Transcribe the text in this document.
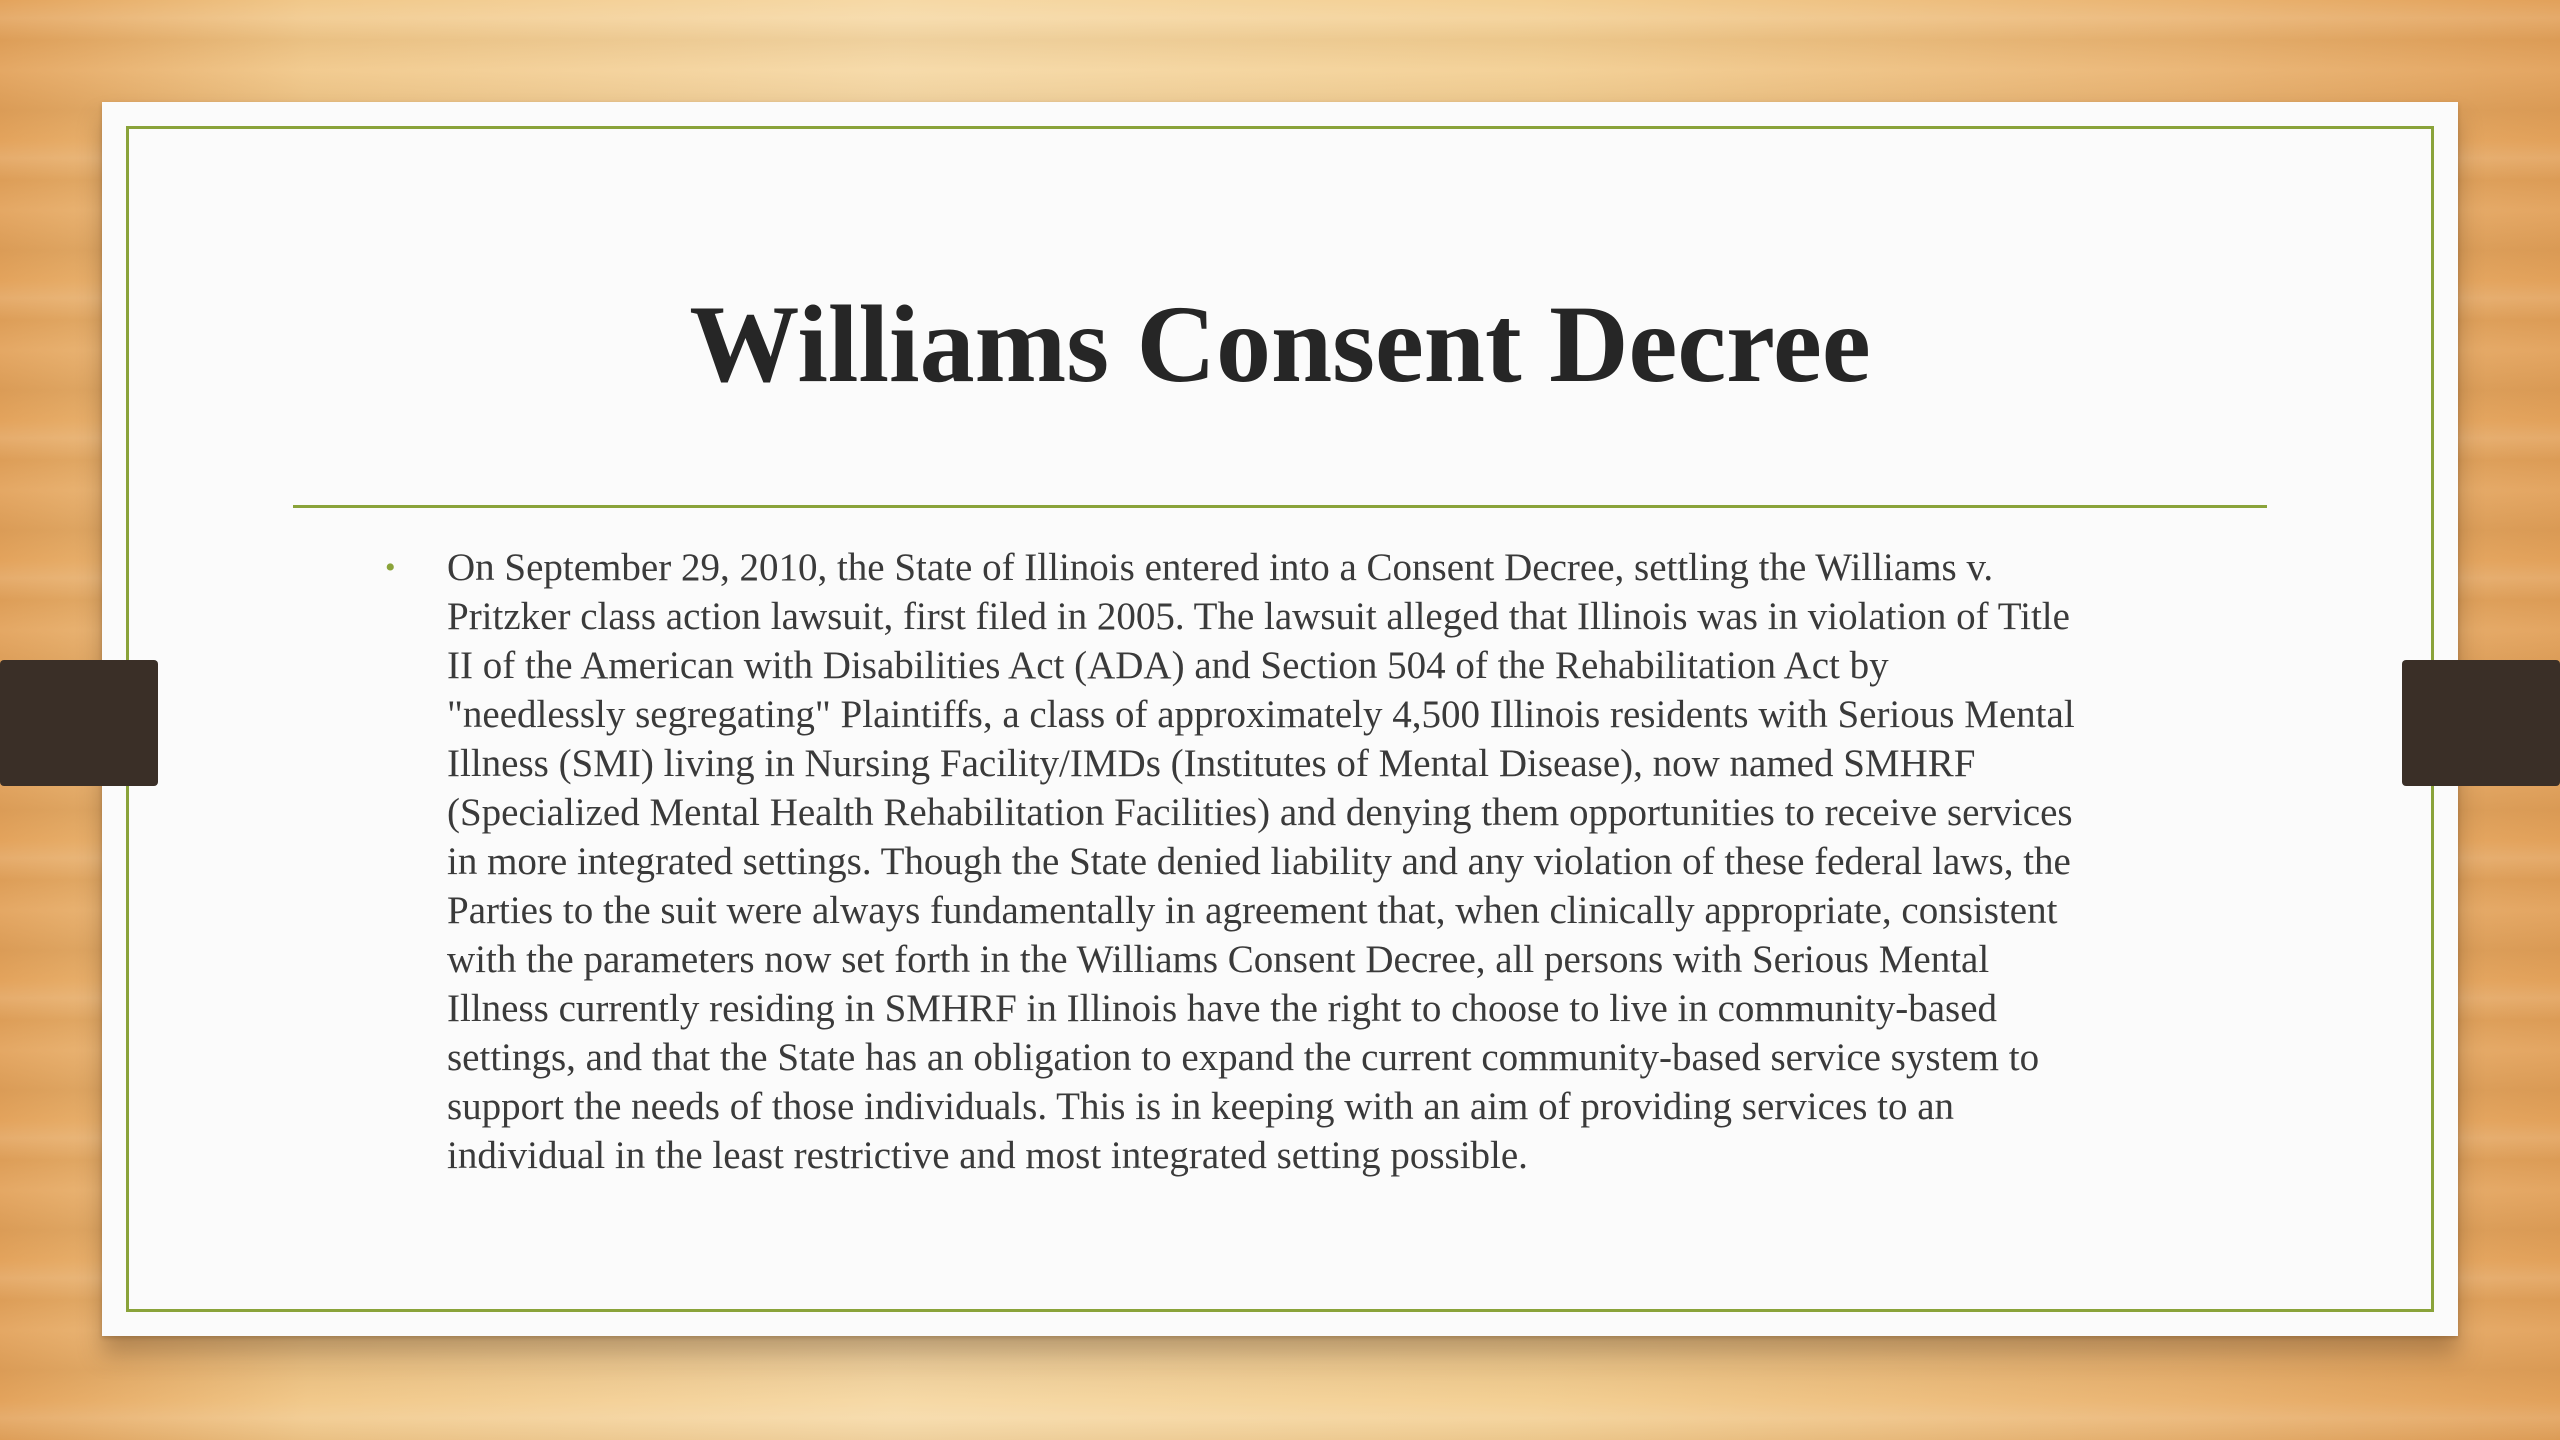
Williams Consent Decree
• On September 29, 2010, the State of Illinois entered into a Consent Decree, settling the Williams v.
Pritzker class action lawsuit, first filed in 2005. The lawsuit alleged that Illinois was in violation of Title
II of the American with Disabilities Act (ADA) and Section 504 of the Rehabilitation Act by
"needlessly segregating" Plaintiffs, a class of approximately 4,500 Illinois residents with Serious Mental
Illness (SMI) living in Nursing Facility/IMDs (Institutes of Mental Disease), now named SMHRF
(Specialized Mental Health Rehabilitation Facilities) and denying them opportunities to receive services
in more integrated settings. Though the State denied liability and any violation of these federal laws, the
Parties to the suit were always fundamentally in agreement that, when clinically appropriate, consistent
with the parameters now set forth in the Williams Consent Decree, all persons with Serious Mental
Illness currently residing in SMHRF in Illinois have the right to choose to live in community-based
settings, and that the State has an obligation to expand the current community-based service system to
support the needs of those individuals. This is in keeping with an aim of providing services to an
individual in the least restrictive and most integrated setting possible.
